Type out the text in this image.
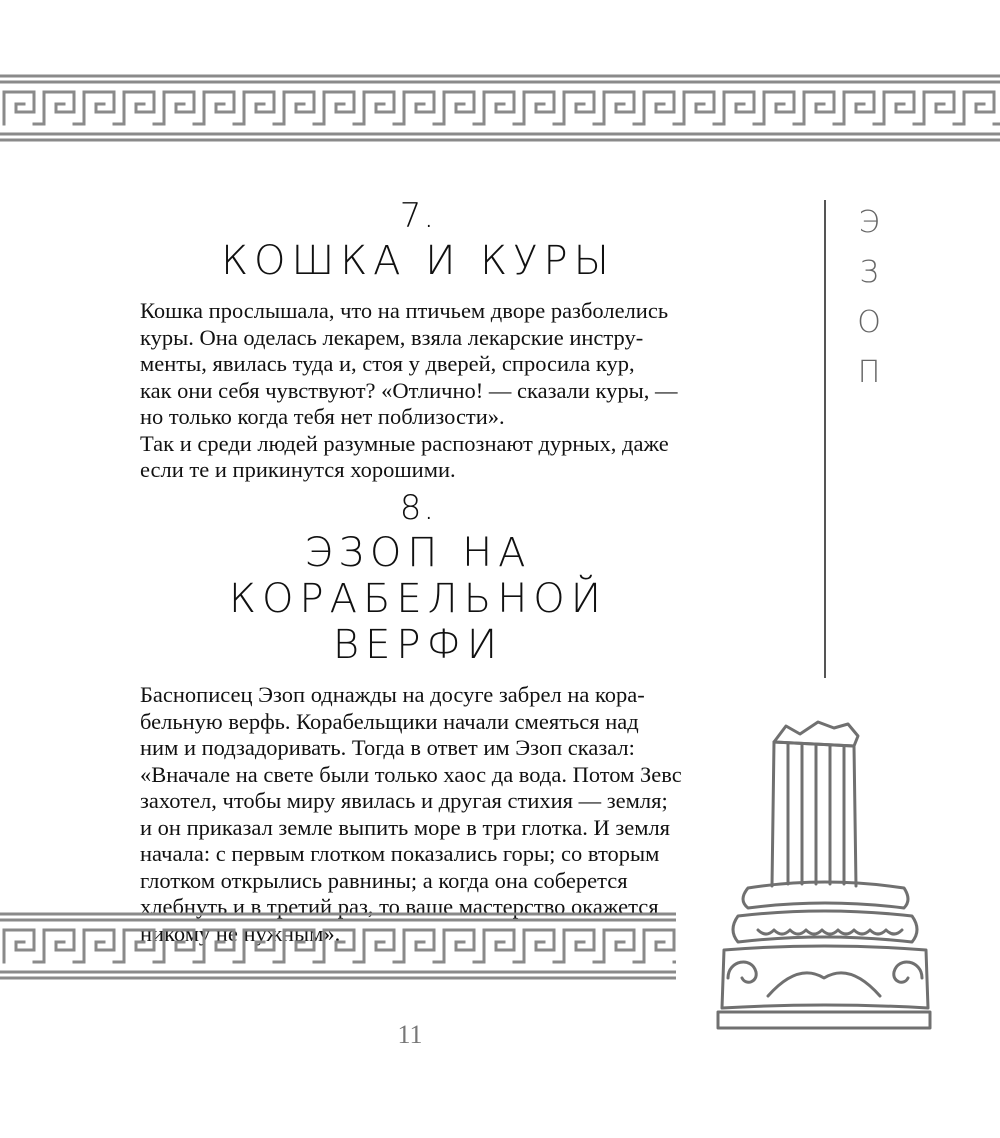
7.
КОШКА И КУРЫ

Кошка прослышала, что на птичьем дворе разболелись

куры. Она оделась лекарем, взяла лекарские инстру-

менты, явилась туда и, стоя у дверей, спросила кур,

как они себя чувствуют? «Отлично! — сказали куры, —

но только когда тебя нет поблизости».

Так и среди людей разумные распознают дурных, даже

если те и прикинутся хорошими.

8.
ЭЗОП НА КОРАБЕЛЬНОЙ
ВЕРФИ

Баснописец Эзоп однажды на досуге забрел на кора-

бельную верфь. Корабельщики начали смеяться над

ним и подзадоривать. Тогда в ответ им Эзоп сказал:

«Вначале на свете были только хаос да вода. Потом Зевс

захотел, чтобы миру явилась и другая стихия — земля;

и он приказал земле выпить море в три глотка. И земля

начала: с первым глотком показались горы; со вторым

глотком открылись равнины; а когда она соберется

хлебнуть и в третий раз, то ваше мастерство окажется

никому не нужным».

Э
З
О
П
11
